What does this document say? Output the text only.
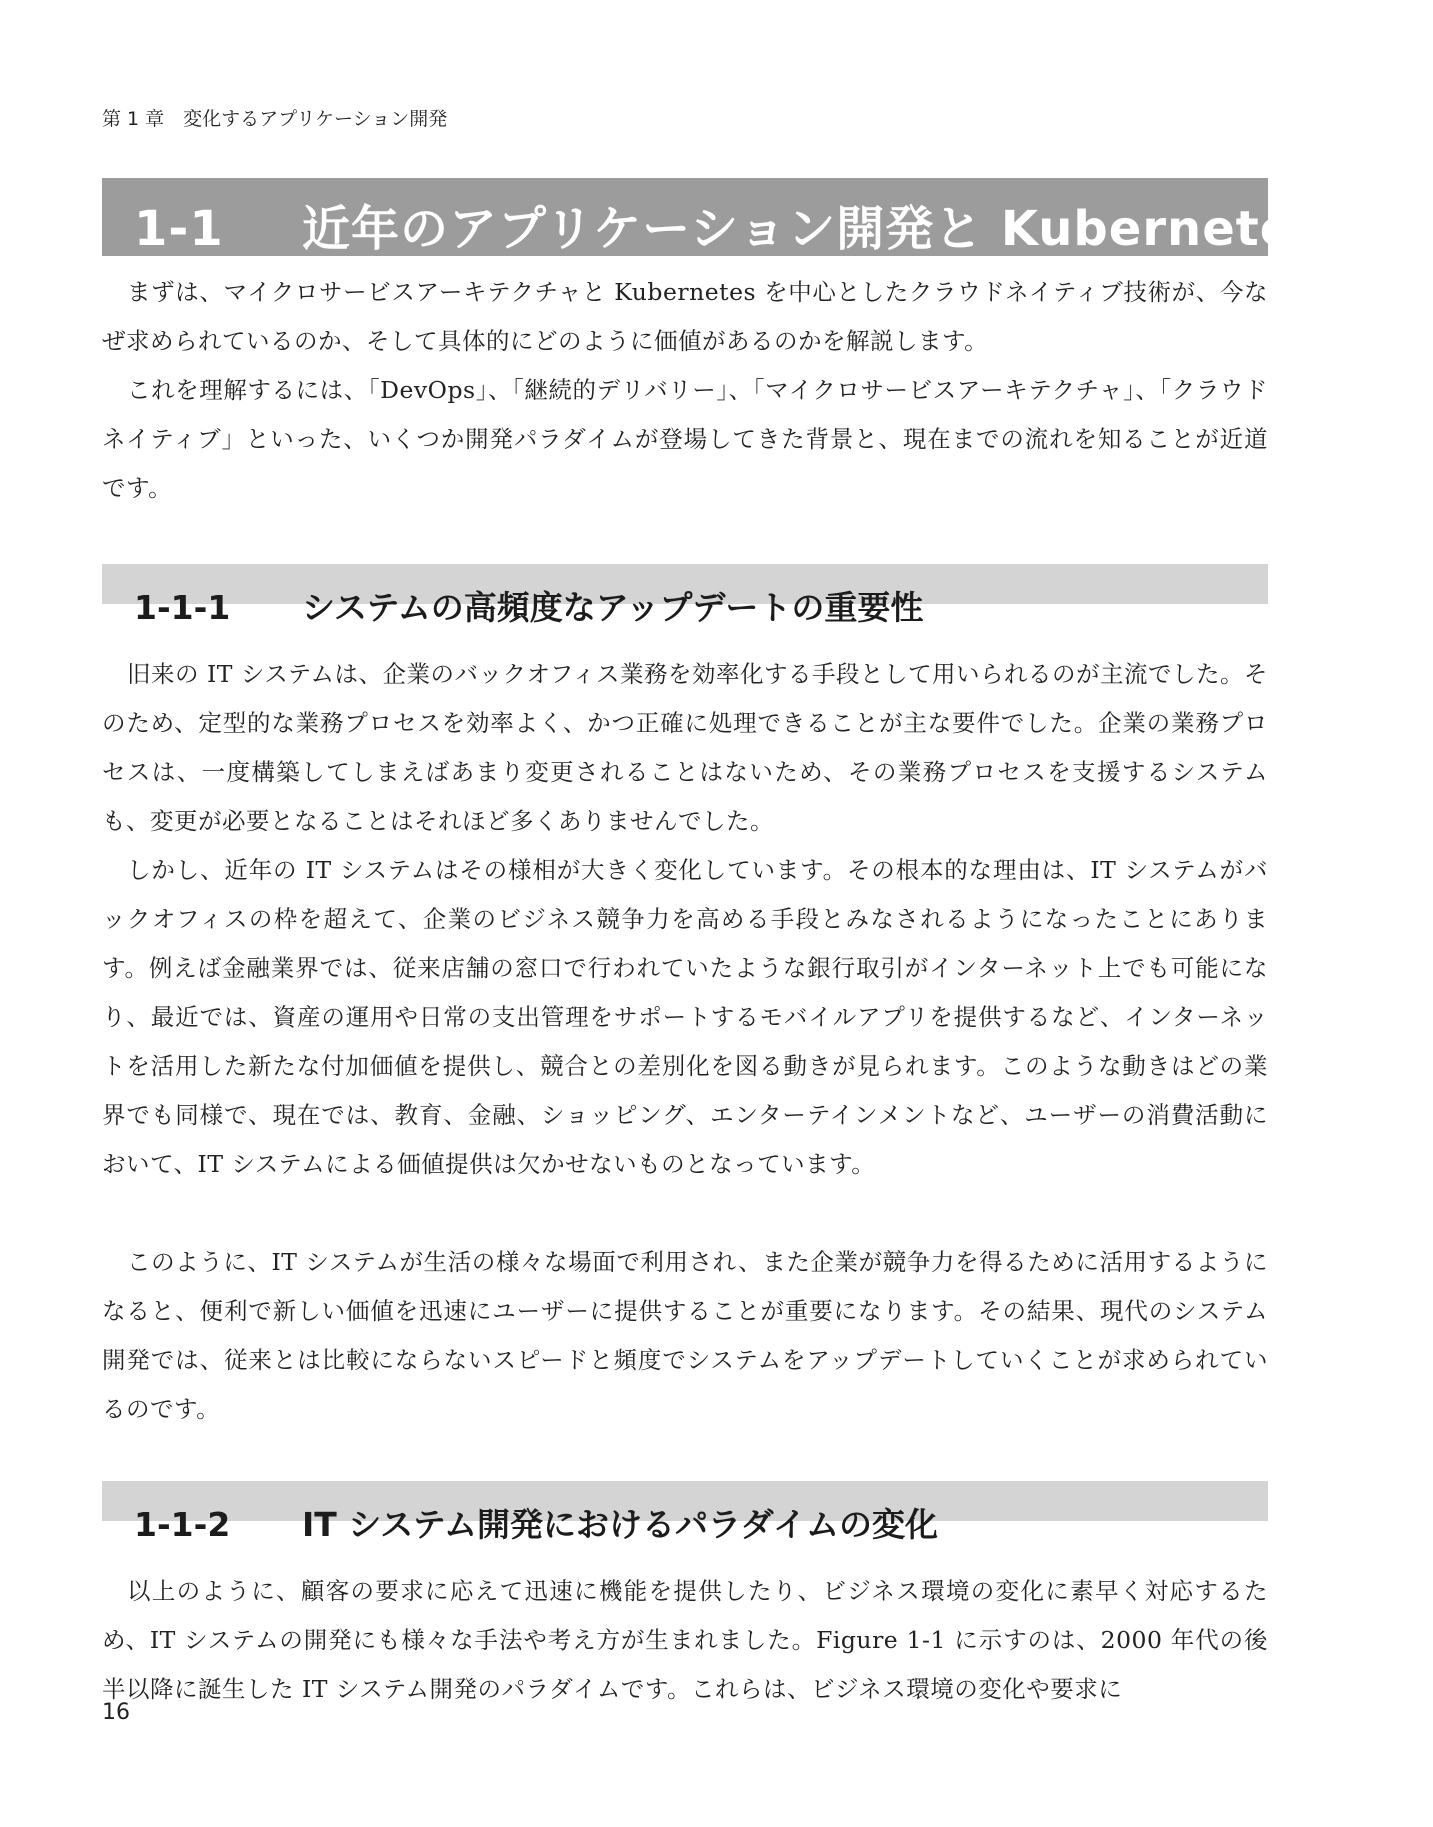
第 1 章　変化するアプリケーション開発
1-1 近年のアプリケーション開発と Kubernetes

まずは、マイクロサービスアーキテクチャと Kubernetes を中心としたクラウドネイティブ技術が、今なぜ求められているのか、そして具体的にどのように価値があるのかを解説します。

これを理解するには、「DevOps」、「継続的デリバリー」、「マイクロサービスアーキテクチャ」、「クラウドネイティブ」といった、いくつか開発パラダイムが登場してきた背景と、現在までの流れを知ることが近道です。

1-1-1 システムの高頻度なアップデートの重要性

旧来の IT システムは、企業のバックオフィス業務を効率化する手段として用いられるのが主流でした。そのため、定型的な業務プロセスを効率よく、かつ正確に処理できることが主な要件でした。企業の業務プロセスは、一度構築してしまえばあまり変更されることはないため、その業務プロセスを支援するシステムも、変更が必要となることはそれほど多くありませんでした。

しかし、近年の IT システムはその様相が大きく変化しています。その根本的な理由は、IT システムがバックオフィスの枠を超えて、企業のビジネス競争力を高める手段とみなされるようになったことにあります。例えば金融業界では、従来店舗の窓口で行われていたような銀行取引がインターネット上でも可能になり、最近では、資産の運用や日常の支出管理をサポートするモバイルアプリを提供するなど、インターネットを活用した新たな付加価値を提供し、競合との差別化を図る動きが見られます。このような動きはどの業界でも同様で、現在では、教育、金融、ショッピング、エンターテインメントなど、ユーザーの消費活動において、IT システムによる価値提供は欠かせないものとなっています。

このように、IT システムが生活の様々な場面で利用され、また企業が競争力を得るために活用するようになると、便利で新しい価値を迅速にユーザーに提供することが重要になります。その結果、現代のシステム開発では、従来とは比較にならないスピードと頻度でシステムをアップデートしていくことが求められているのです。

1-1-2 IT システム開発におけるパラダイムの変化

以上のように、顧客の要求に応えて迅速に機能を提供したり、ビジネス環境の変化に素早く対応するため、IT システムの開発にも様々な手法や考え方が生まれました。Figure 1-1 に示すのは、2000 年代の後半以降に誕生した IT システム開発のパラダイムです。これらは、ビジネス環境の変化や要求に

16
